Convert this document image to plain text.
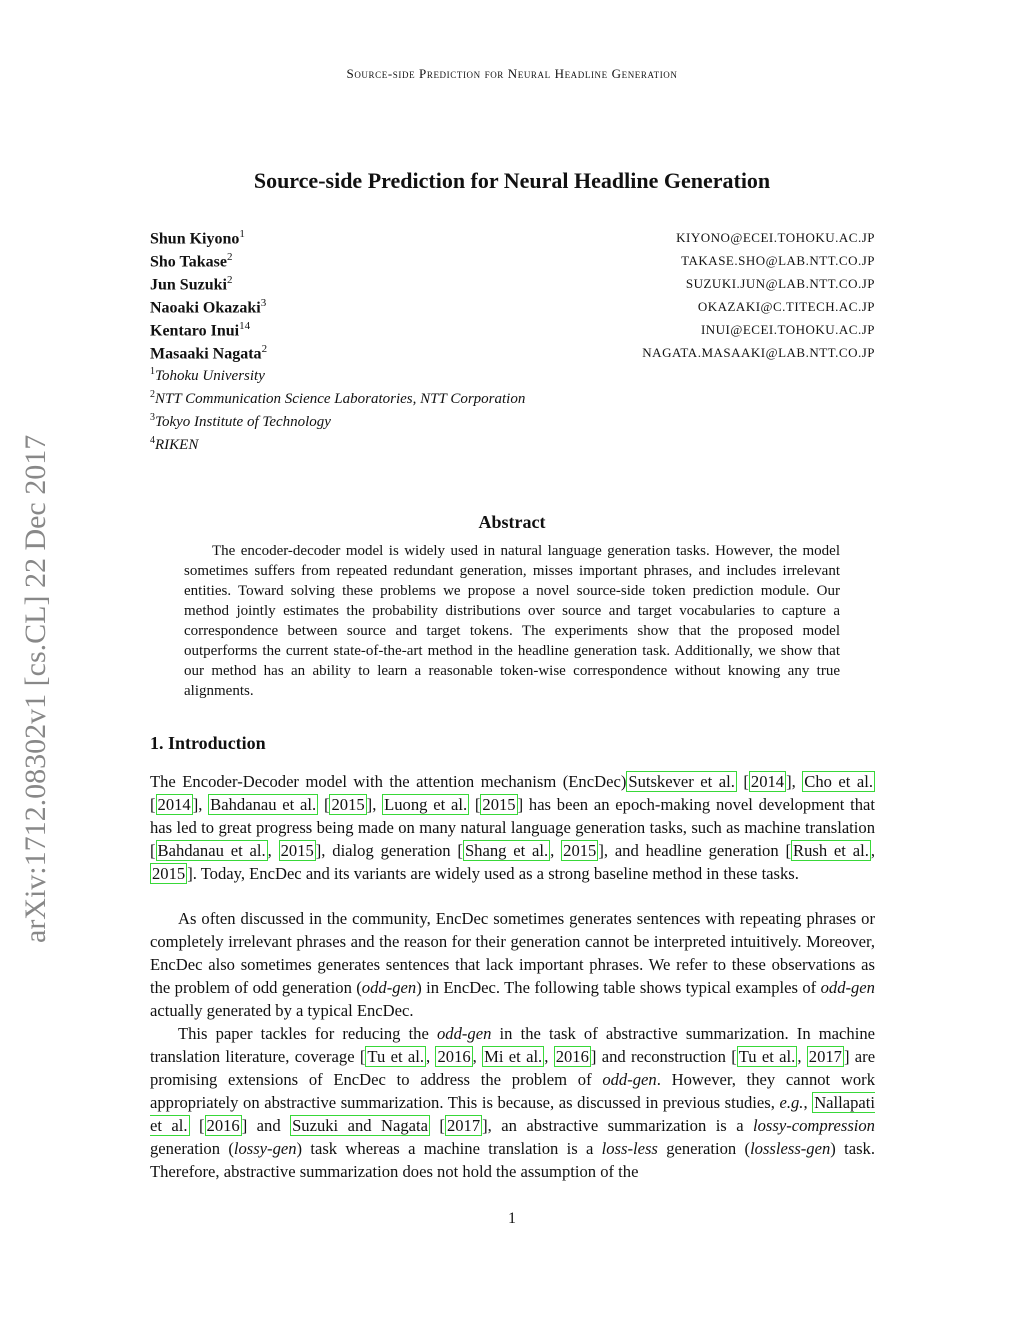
Source-side Prediction for Neural Headline Generation
arXiv:1712.08302v1 [cs.CL] 22 Dec 2017
Source-side Prediction for Neural Headline Generation
Shun Kiyono$^1$	KIYONO@ECEI.TOHOKU.AC.JP
Sho Takase$^2$	TAKASE.SHO@LAB.NTT.CO.JP
Jun Suzuki$^2$	SUZUKI.JUN@LAB.NTT.CO.JP
Naoaki Okazaki$^3$	OKAZAKI@C.TITECH.AC.JP
Kentaro Inui$^{14}$	INUI@ECEI.TOHOKU.AC.JP
Masaaki Nagata$^2$	NAGATA.MASAAKI@LAB.NTT.CO.JP
$^1$Tohoku University
$^2$NTT Communication Science Laboratories, NTT Corporation
$^3$Tokyo Institute of Technology
$^4$RIKEN
Abstract
The encoder-decoder model is widely used in natural language generation tasks. However, the model sometimes suffers from repeated redundant generation, misses important phrases, and includes irrelevant entities. Toward solving these problems we propose a novel source-side token prediction module. Our method jointly estimates the probability distributions over source and target vocabularies to capture a correspondence between source and target tokens. The experiments show that the proposed model outperforms the current state-of-the-art method in the headline generation task. Additionally, we show that our method has an ability to learn a reasonable token-wise correspondence without knowing any true alignments.
1. Introduction

The Encoder-Decoder model with the attention mechanism (EncDec) Sutskever et al. [ 2014 ], Cho et al. [ 2014 ], Bahdanau et al. [ 2015 ], Luong et al. [ 2015 ] has been an epoch-making novel development that has led to great progress being made on many natural language generation tasks, such as machine translation [ Bahdanau et al. , 2015 ], dialog generation [ Shang et al. , 2015 ], and headline generation [ Rush et al. , 2015 ]. Today, EncDec and its variants are widely used as a strong baseline method in these tasks.

As often discussed in the community, EncDec sometimes generates sentences with repeating phrases or completely irrelevant phrases and the reason for their generation cannot be interpreted intuitively. Moreover, EncDec also sometimes generates sentences that lack important phrases. We refer to these observations as the problem of odd generation (odd-gen) in EncDec. The following table shows typical examples of odd-gen actually generated by a typical EncDec.

This paper tackles for reducing the odd-gen in the task of abstractive summarization. In machine translation literature, coverage [ Tu et al. , 2016 , Mi et al. , 2016 ] and reconstruction [ Tu et al. , 2017 ] are promising extensions of EncDec to address the problem of odd-gen. However, they cannot work appropriately on abstractive summarization. This is because, as discussed in previous studies, e.g., Nallapati et al. [ 2016 ] and Suzuki and Nagata [ 2017 ], an abstractive summarization is a lossy-compression generation (lossy-gen) task whereas a machine translation is a loss-less generation (lossless-gen) task. Therefore, abstractive summarization does not hold the assumption of the

1
